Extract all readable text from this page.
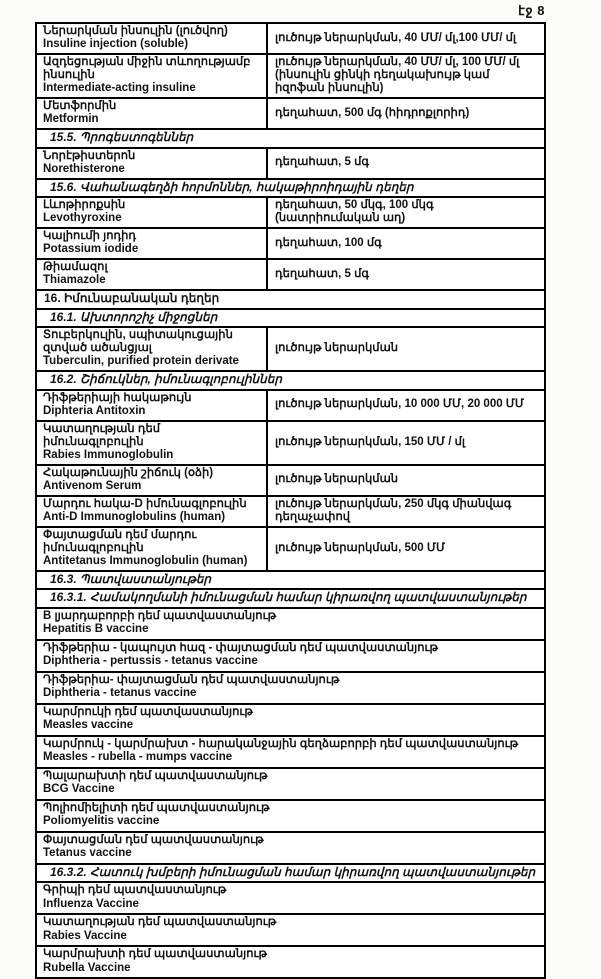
էջ 8
Ներարկման ինսուլին (լուծվող)
Insuline injection (soluble)
լուծույթ ներարկման, 40 ՄՄ/ մլ,100 ՄՄ/ մլ
Ազդեցության միջին տևողությամբ ինսուլին
Intermediate-acting insuline
լուծույթ ներարկման, 40 ՄՄ/ մլ, 100 ՄՄ/ մլ (ինսուլին ցինկի դեղակախույթ կամ իզոֆան ինսուլին)
Մետֆորմին
Metformin
դեղահատ, 500 մգ (հիդրոքլորիդ)
15.5. Պրոգեստոգեններ
Նորէթիստերոն
Norethisterone
դեղահատ, 5 մգ
15.6. Վահանագեղձի հորմոններ, հակաթիրոիդային դեղեր
Լևոթիրոքսին
Levothyroxine
դեղահատ, 50 մկգ, 100 մկգ (նատրիումական աղ)
Կալիումի յոդիդ
Potassium iodide
դեղահատ, 100 մգ
Թիամազոլ
Thiamazole
դեղահատ, 5 մգ
16. Իմունաբանական դեղեր
16.1. Ախտորոշիչ միջոցներ
Տուբերկուլին, սպիտակուցային զտված ածանցյալ
Tuberculin, purified protein derivate
լուծույթ ներարկման
16.2. Շիճուկներ, իմունագլոբուլիններ
Դիֆթերիայի հակաթույն
Diphteria Antitoxin
լուծույթ ներարկման, 10 000 ՄՄ, 20 000 ՄՄ
Կատաղության դեմ իմունագլոբուլին
Rabies Immunoglobulin
լուծույթ ներարկման, 150 ՄՄ / մլ
Հակաթունային շիճուկ (օձի)
Antivenom Serum
լուծույթ ներարկման
Մարդու հակա-D իմունագլոբուլին
Anti-D Immunoglobulins (human)
լուծույթ ներարկման, 250 մկգ միանվագ դեղաչափով
Փայտացման դեմ մարդու իմունագլոբուլին
Antitetanus Immunoglobulin (human)
լուծույթ ներարկման, 500 ՄՄ
16.3. Պատվաստանյութեր
16.3.1. Համակողմանի իմունացման համար կիրառվող պատվաստանյութեր
B լյարդաբորբի դեմ պատվաստանյութ
Hepatitis B vaccine
Դիֆթերիա - կապույտ հազ - փայտացման դեմ պատվաստանյութ
Diphtheria - pertussis - tetanus vaccine
Դիֆթերիա- փայտացման դեմ պատվաստանյութ
Diphtheria - tetanus vaccine
Կարմրուկի դեմ պատվաստանյութ
Measles vaccine
Կարմրուկ - կարմրախտ - հարականջային գեղձաբորբի դեմ պատվաստանյութ
Measles - rubella - mumps vaccine
Պալարախտի դեմ պատվաստանյութ
BCG Vaccine
Պոլիոմիելիտի դեմ պատվաստանյութ
Poliomyelitis vaccine
Փայտացման դեմ պատվաստանյութ
Tetanus vaccine
16.3.2. Հատուկ խմբերի իմունացման համար կիրառվող պատվաստանյութեր
Գրիպի դեմ պատվաստանյութ
Influenza Vaccine
Կատաղության դեմ պատվաստանյութ
Rabies Vaccine
Կարմրախտի դեմ պատվաստանյութ
Rubella Vaccine
